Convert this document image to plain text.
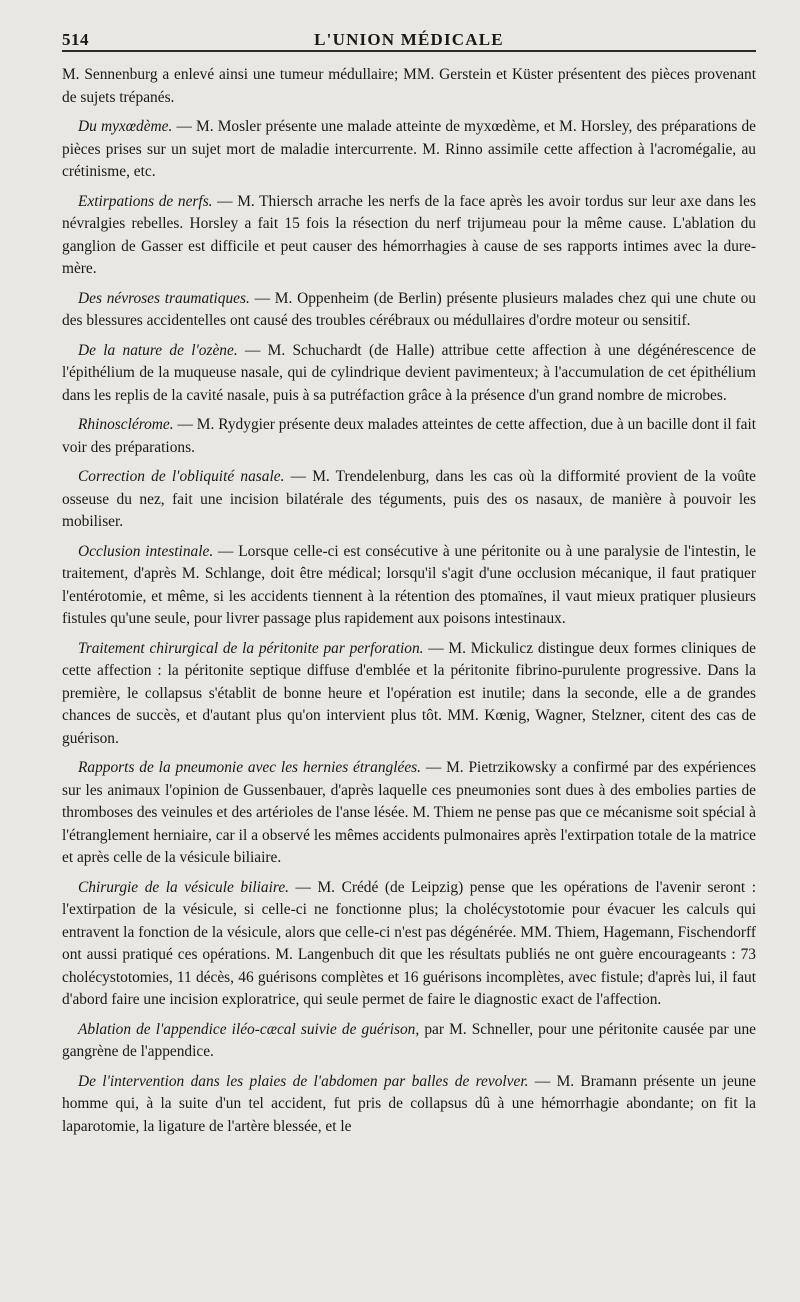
514	L'UNION MÉDICALE

M. Sennenburg a enlevé ainsi une tumeur médullaire; MM. Gerstein et Küster présentent des pièces provenant de sujets trépanés.

Du myxœdème. — M. Mosler présente une malade atteinte de myxœdème, et M. Horsley, des préparations de pièces prises sur un sujet mort de maladie intercurrente. M. Rinno assimile cette affection à l'acromégalie, au crétinisme, etc.

Extirpations de nerfs. — M. Thiersch arrache les nerfs de la face après les avoir tordus sur leur axe dans les névralgies rebelles. Horsley a fait 15 fois la résection du nerf trijumeau pour la même cause. L'ablation du ganglion de Gasser est difficile et peut causer des hémorrhagies à cause de ses rapports intimes avec la dure-mère.

Des névroses traumatiques. — M. Oppenheim (de Berlin) présente plusieurs malades chez qui une chute ou des blessures accidentelles ont causé des troubles cérébraux ou médullaires d'ordre moteur ou sensitif.

De la nature de l'ozène. — M. Schuchardt (de Halle) attribue cette affection à une dégénérescence de l'épithélium de la muqueuse nasale, qui de cylindrique devient pavimenteux; à l'accumulation de cet épithélium dans les replis de la cavité nasale, puis à sa putréfaction grâce à la présence d'un grand nombre de microbes.

Rhinosclérome. — M. Rydygier présente deux malades atteintes de cette affection, due à un bacille dont il fait voir des préparations.

Correction de l'obliquité nasale. — M. Trendelenburg, dans les cas où la difformité provient de la voûte osseuse du nez, fait une incision bilatérale des téguments, puis des os nasaux, de manière à pouvoir les mobiliser.

Occlusion intestinale. — Lorsque celle-ci est consécutive à une péritonite ou à une paralysie de l'intestin, le traitement, d'après M. Schlange, doit être médical; lorsqu'il s'agit d'une occlusion mécanique, il faut pratiquer l'entérotomie, et même, si les accidents tiennent à la rétention des ptomaïnes, il vaut mieux pratiquer plusieurs fistules qu'une seule, pour livrer passage plus rapidement aux poisons intestinaux.

Traitement chirurgical de la péritonite par perforation. — M. Mickulicz distingue deux formes cliniques de cette affection : la péritonite septique diffuse d'emblée et la péritonite fibrino-purulente progressive. Dans la première, le collapsus s'établit de bonne heure et l'opération est inutile; dans la seconde, elle a de grandes chances de succès, et d'autant plus qu'on intervient plus tôt. MM. Kœnig, Wagner, Stelzner, citent des cas de guérison.

Rapports de la pneumonie avec les hernies étranglées. — M. Pietrzikowsky a confirmé par des expériences sur les animaux l'opinion de Gussenbauer, d'après laquelle ces pneumonies sont dues à des embolies parties de thromboses des veinules et des artérioles de l'anse lésée. M. Thiem ne pense pas que ce mécanisme soit spécial à l'étranglement herniaire, car il a observé les mêmes accidents pulmonaires après l'extirpation totale de la matrice et après celle de la vésicule biliaire.

Chirurgie de la vésicule biliaire. — M. Crédé (de Leipzig) pense que les opérations de l'avenir seront : l'extirpation de la vésicule, si celle-ci ne fonctionne plus; la cholécystotomie pour évacuer les calculs qui entravent la fonction de la vésicule, alors que celle-ci n'est pas dégénérée. MM. Thiem, Hagemann, Fischendorff ont aussi pratiqué ces opérations. M. Langenbuch dit que les résultats publiés ne ont guère encourageants : 73 cholécystotomies, 11 décès, 46 guérisons complètes et 16 guérisons incomplètes, avec fistule; d'après lui, il faut d'abord faire une incision exploratrice, qui seule permet de faire le diagnostic exact de l'affection.

Ablation de l'appendice iléo-cæcal suivie de guérison, par M. Schneller, pour une péritonite causée par une gangrène de l'appendice.

De l'intervention dans les plaies de l'abdomen par balles de revolver. — M. Bramann présente un jeune homme qui, à la suite d'un tel accident, fut pris de collapsus dû à une hémorrhagie abondante; on fit la laparotomie, la ligature de l'artère blessée, et le
